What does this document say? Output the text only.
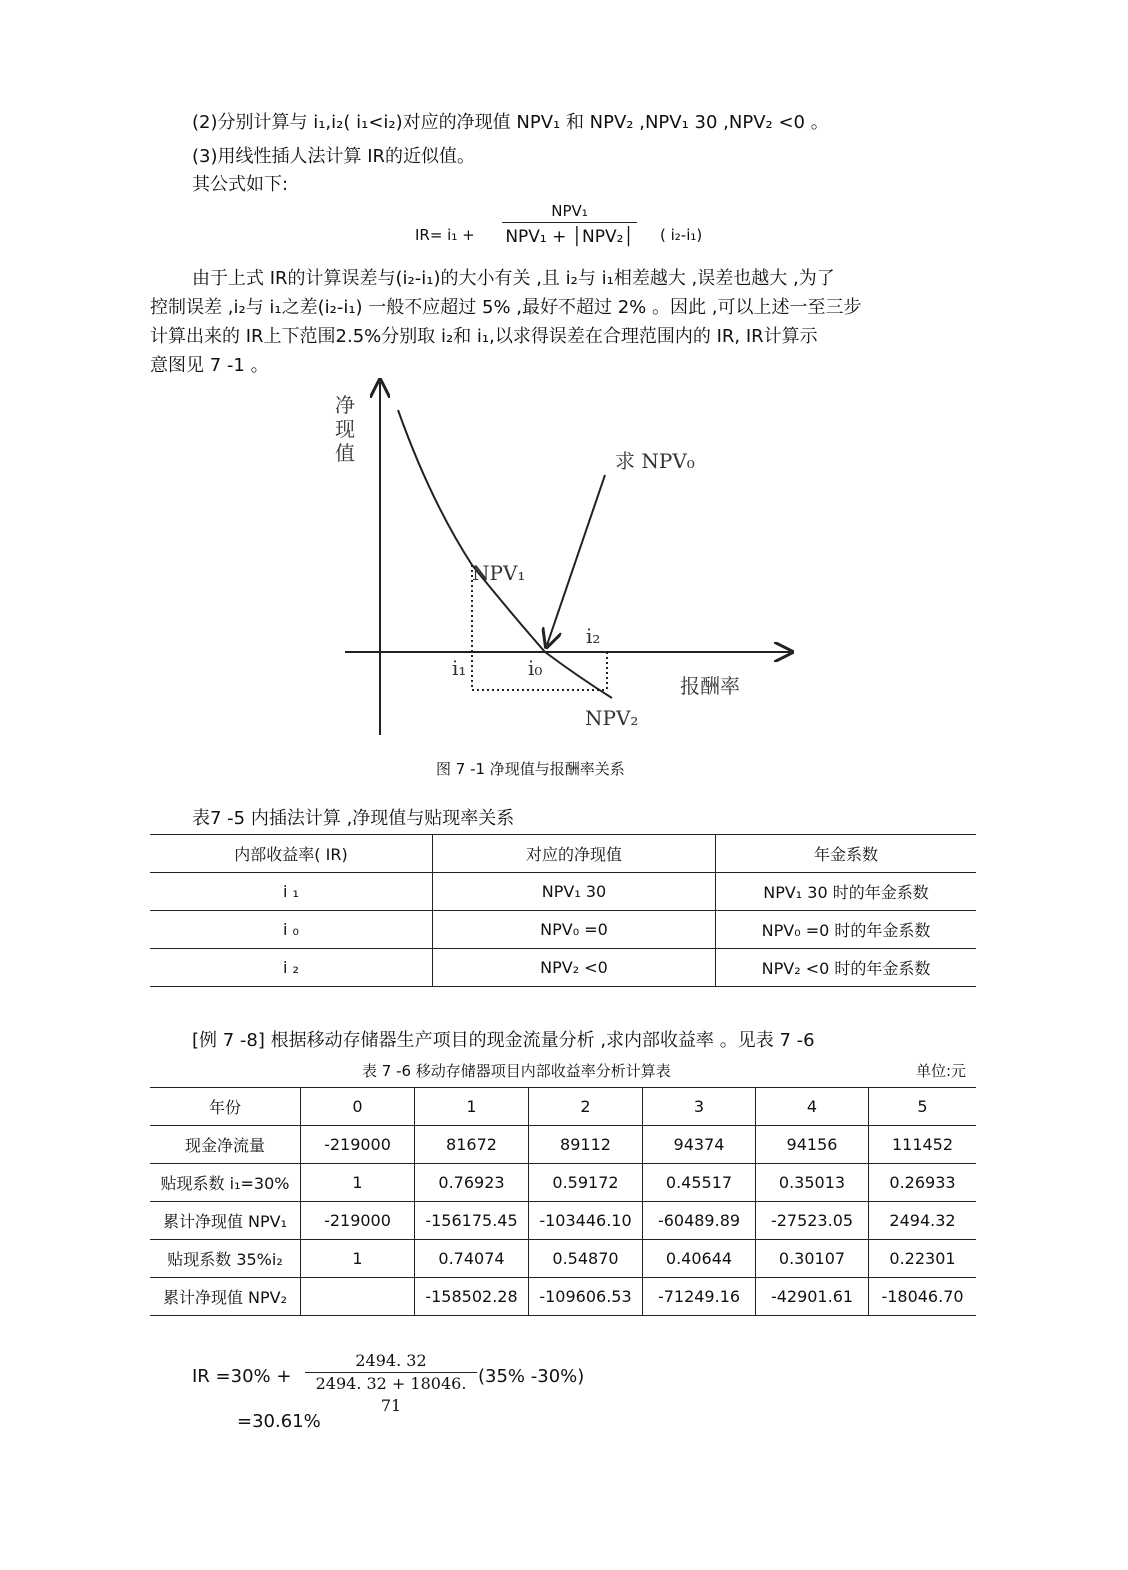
(2)分别计算与 i₁,i₂( i₁<i₂)对应的净现值 NPV₁ 和 NPV₂ ,NPV₁ 30 ,NPV₂ <0 。
(3)用线性插人法计算 IR的近似值。
其公式如下:
IR= i₁ +
NPV₁
NPV₁ + │NPV₂│ ( i₂-i₁)
由于上式 IR的计算误差与(i₂-i₁)的大小有关 ,且 i₂与 i₁相差越大 ,误差也越大 ,为了
控制误差 ,i₂与 i₁之差(i₂-i₁) 一般不应超过 5% ,最好不超过 2% 。因此 ,可以上述一至三步
计算出来的 IR上下范围2.5%分别取 i₂和 i₁,以求得误差在合理范围内的 IR, IR计算示
意图见 7 -1 。
净
现
值	求 NPV₀
NPV₁
i₁	i₀
i₂
报酬率
NPV₂
图 7 -1 净现值与报酬率关系
表7 -5 内插法计算 ,净现值与贴现率关系
内部收益率( IR)	对应的净现值	年金系数
i ₁	NPV₁ 30	NPV₁ 30 时的年金系数
i ₀	NPV₀ =0	NPV₀ =0 时的年金系数
i ₂	NPV₂ <0	NPV₂ <0 时的年金系数
[例 7 -8] 根据移动存储器生产项目的现金流量分析 ,求内部收益率 。见表 7 -6
表 7 -6 移动存储器项目内部收益率分析计算表	单位:元
年份	0	1	2	3	4	5
现金净流量	-219000	81672	89112	94374	94156	111452
贴现系数 i₁=30%	1	0.76923	0.59172	0.45517	0.35013	0.26933
累计净现值 NPV₁	-219000	-156175.45	-103446.10	-60489.89	-27523.05	2494.32
贴现系数 35%i₂	1	0.74074	0.54870	0.40644	0.30107	0.22301
累计净现值 NPV₂		-158502.28	-109606.53	-71249.16	-42901.61	-18046.70
IR =30% +
2494. 32
2494. 32 + 18046. 71
(35% -30%)
=30.61%
